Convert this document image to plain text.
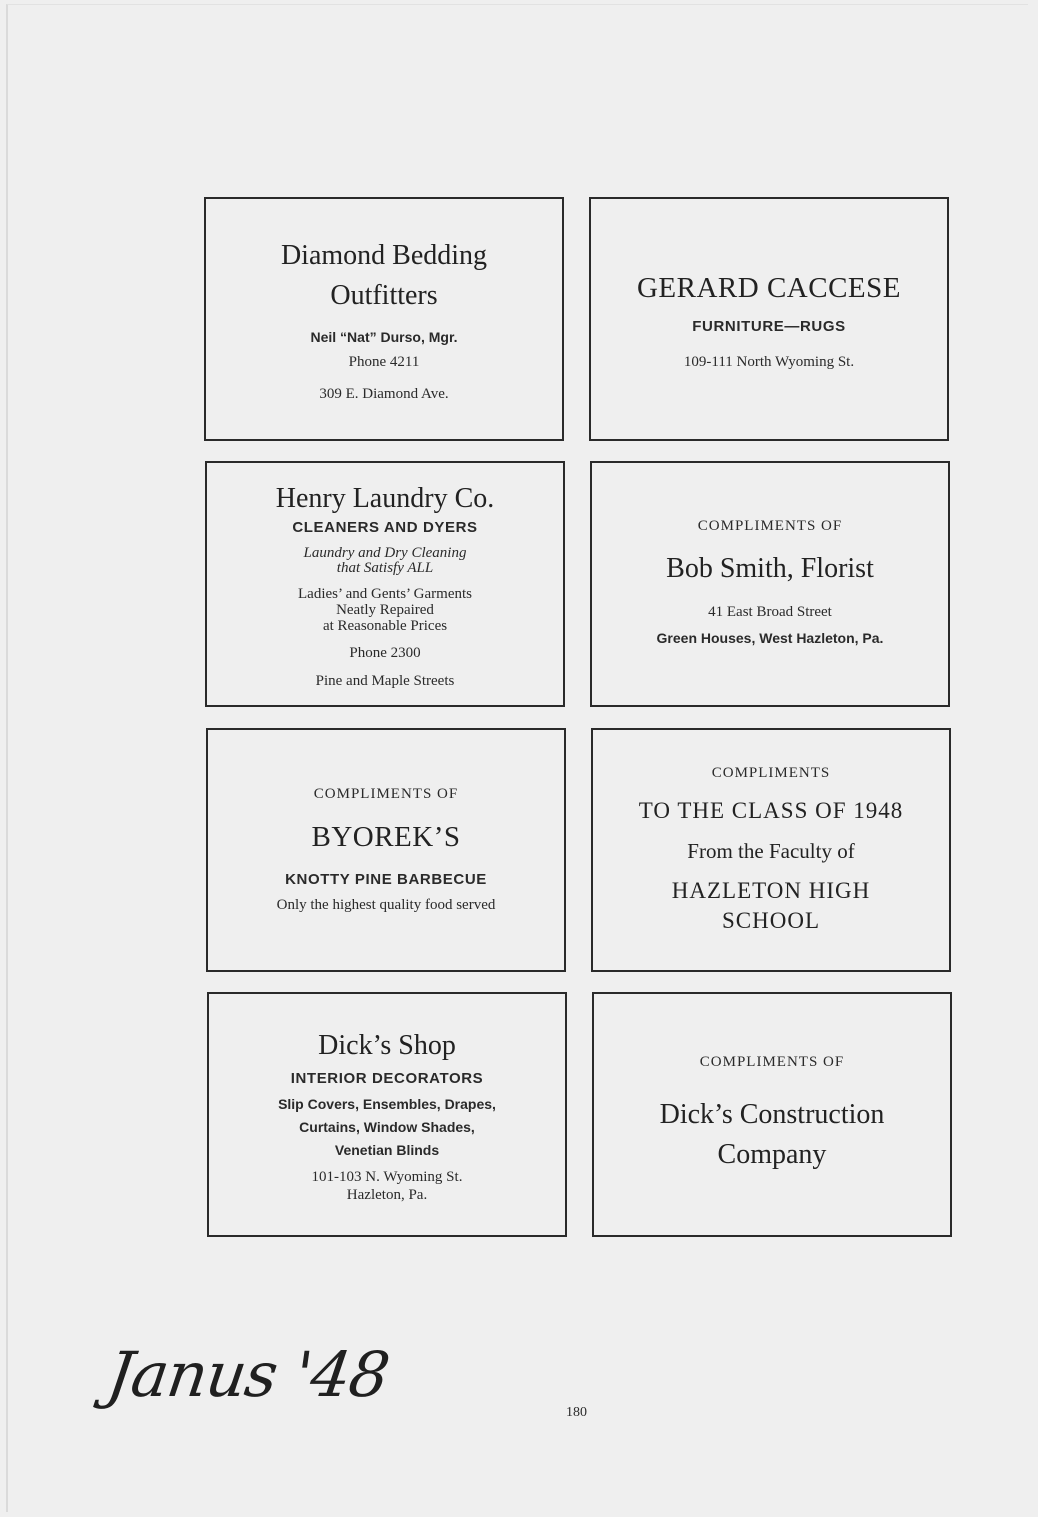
Diamond Bedding
Outfitters
Neil “Nat” Durso, Mgr.
Phone 4211
309 E. Diamond Ave.
GERARD CACCESE
FURNITURE—RUGS
109-111 North Wyoming St.
Henry Laundry Co.
CLEANERS AND DYERS
Laundry and Dry Cleaning
that Satisfy ALL
Ladies’ and Gents’ Garments
Neatly Repaired
at Reasonable Prices
Phone 2300
Pine and Maple Streets
COMPLIMENTS OF
Bob Smith, Florist
41 East Broad Street
Green Houses, West Hazleton, Pa.
COMPLIMENTS OF
BYOREK’S
KNOTTY PINE BARBECUE
Only the highest quality food served
COMPLIMENTS
TO THE CLASS OF 1948
From the Faculty of
HAZLETON HIGH
SCHOOL
Dick’s Shop
INTERIOR DECORATORS
Slip Covers, Ensembles, Drapes,
Curtains, Window Shades,
Venetian Blinds
101-103 N. Wyoming St.
Hazleton, Pa.
COMPLIMENTS OF
Dick’s Construction
Company
Janus '48
180
